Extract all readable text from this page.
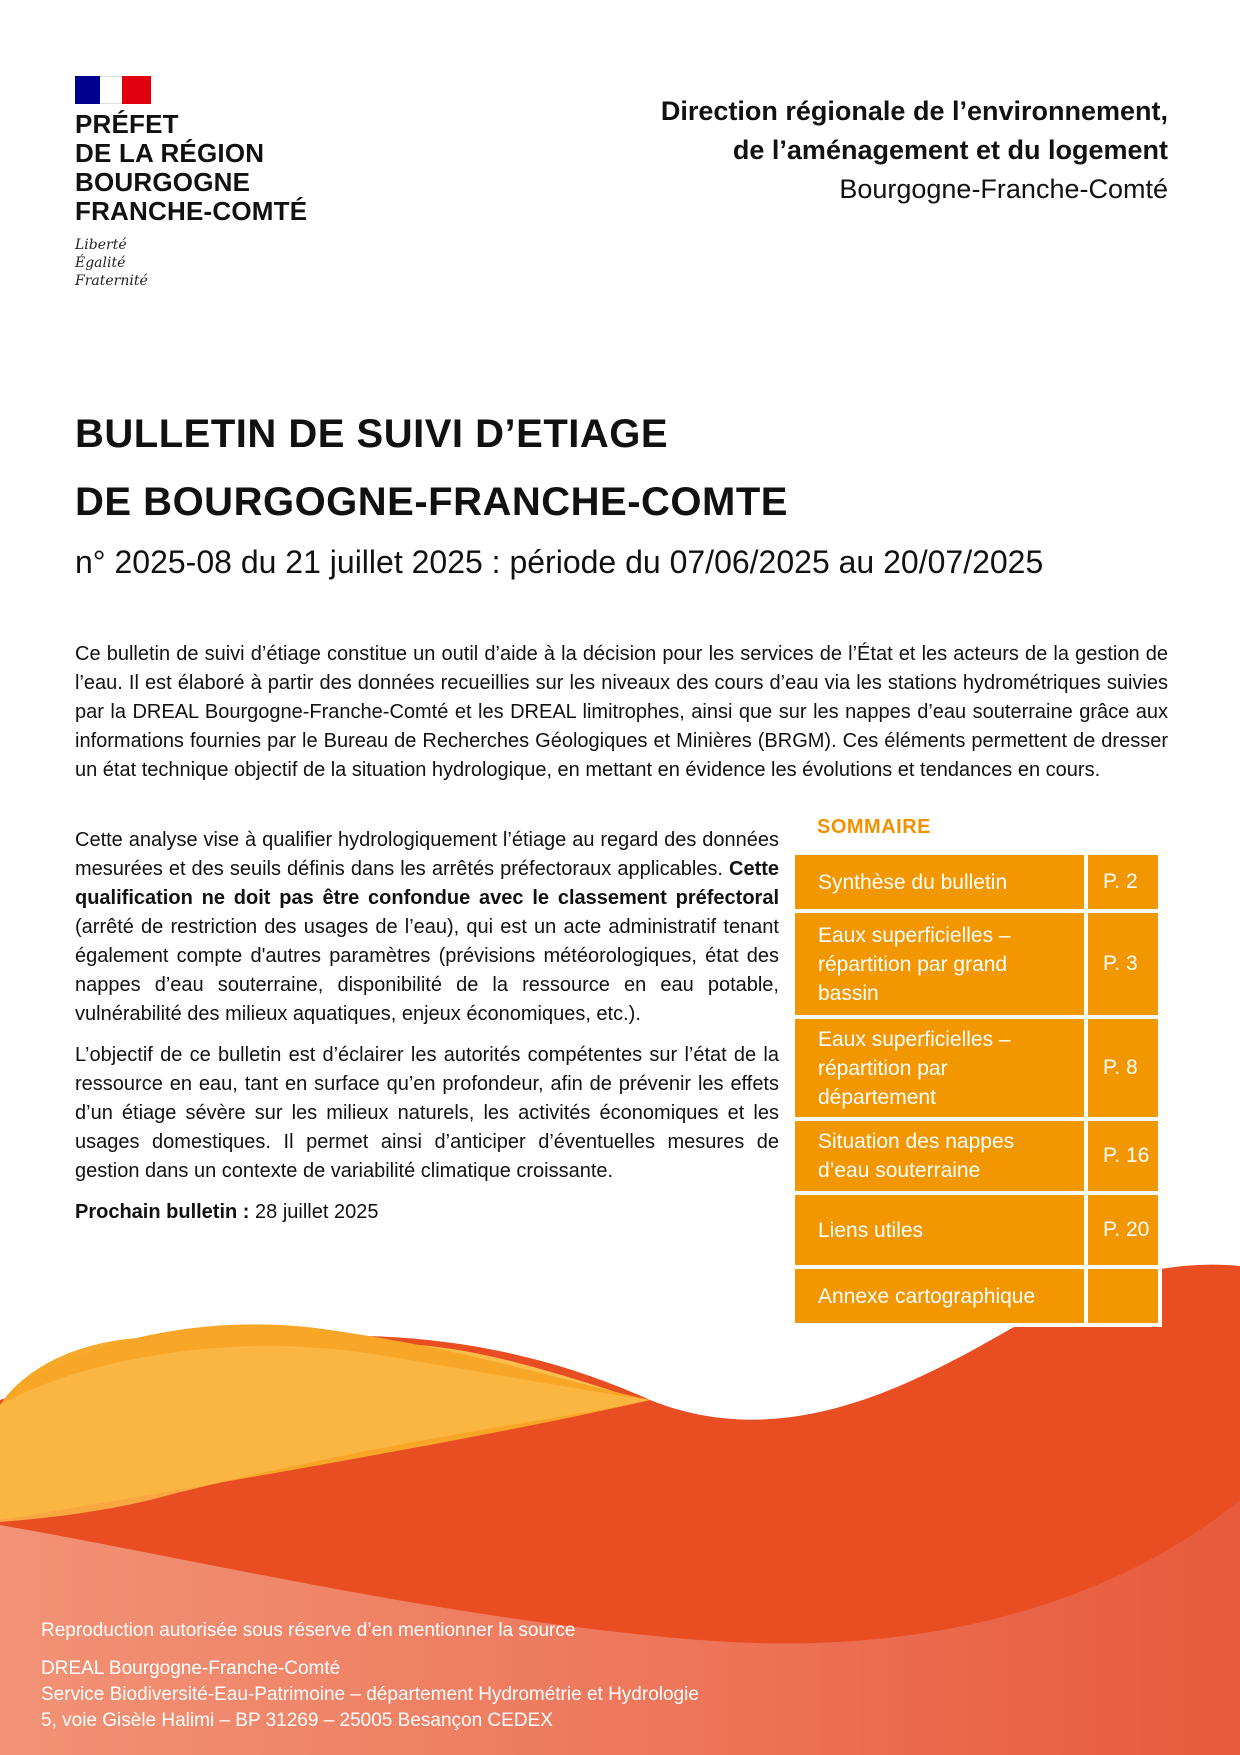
PRÉFET
DE LA RÉGION
BOURGOGNE
FRANCHE-COMTÉ
Liberté
Égalité
Fraternité
Direction régionale de l’environnement,
de l’aménagement et du logement
Bourgogne-Franche-Comté
BULLETIN DE SUIVI D’ETIAGE
DE BOURGOGNE-FRANCHE-COMTE
n° 2025-08 du 21 juillet 2025 : période du 07/06/2025 au 20/07/2025
Ce bulletin de suivi d’étiage constitue un outil d’aide à la décision pour les services de l’État et les acteurs de la gestion de l’eau. Il est élaboré à partir des données recueillies sur les niveaux des cours d’eau via les stations hydrométriques suivies par la DREAL Bourgogne-Franche-Comté et les DREAL limitrophes, ainsi que sur les nappes d’eau souterraine grâce aux informations fournies par le Bureau de Recherches Géologiques et Minières (BRGM). Ces éléments permettent de dresser un état technique objectif de la situation hydrologique, en mettant en évidence les évolutions et tendances en cours.

Cette analyse vise à qualifier hydrologiquement l’étiage au regard des données mesurées et des seuils définis dans les arrêtés préfectoraux applicables. Cette qualification ne doit pas être confondue avec le classement préfectoral (arrêté de restriction des usages de l’eau), qui est un acte administratif tenant également compte d'autres paramètres (prévisions météorologiques, état des nappes d’eau souterraine, disponibilité de la ressource en eau potable, vulnérabilité des milieux aquatiques, enjeux économiques, etc.).

L’objectif de ce bulletin est d’éclairer les autorités compétentes sur l’état de la ressource en eau, tant en surface qu’en profondeur, afin de prévenir les effets d’un étiage sévère sur les milieux naturels, les activités économiques et les usages domestiques. Il permet ainsi d’anticiper d’éventuelles mesures de gestion dans un contexte de variabilité climatique croissante.

Prochain bulletin : 28 juillet 2025

SOMMAIRE
Synthèse du bulletin	P. 2
Eaux superficielles – répartition par grand bassin
P. 3
Eaux superficielles – répartition par département
P. 8
Situation des nappes d’eau souterraine
P. 16
Liens utiles	P. 20
Annexe cartographique
Reproduction autorisée sous réserve d’en mentionner la source
DREAL Bourgogne-Franche-Comté
Service Biodiversité-Eau-Patrimoine – département Hydrométrie et Hydrologie
5, voie Gisèle Halimi – BP 31269 – 25005 Besançon CEDEX
